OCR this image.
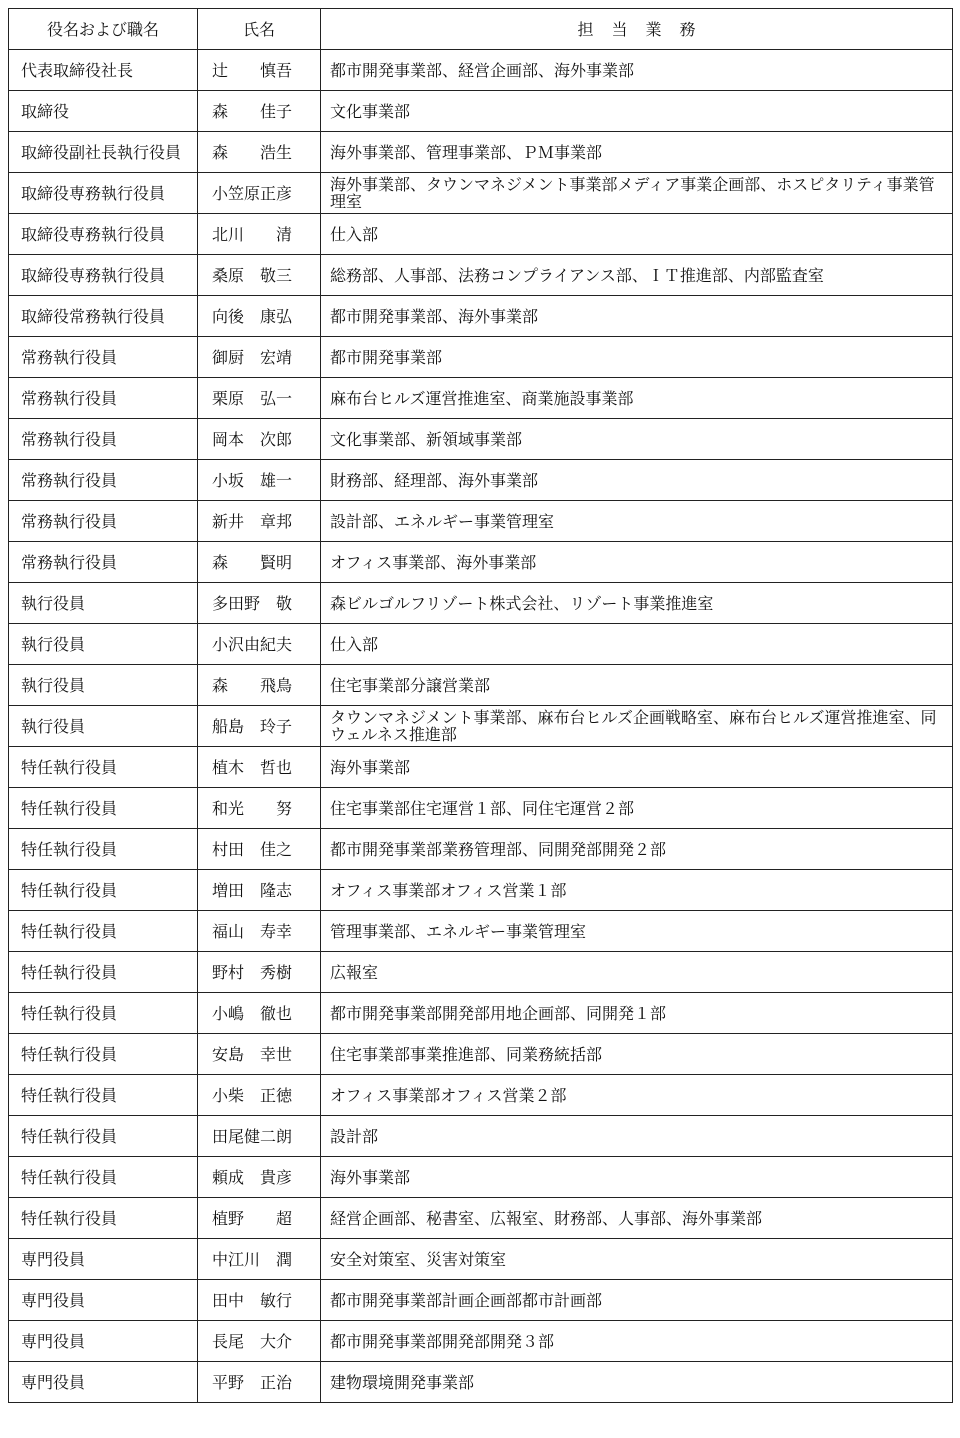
役名および職名	氏名	担当業務
代表取締役社長	辻　　慎吾	都市開発事業部、経営企画部、海外事業部
取締役	森　　佳子	文化事業部
取締役副社長執行役員	森　　浩生	海外事業部、管理事業部、ＰＭ事業部
取締役専務執行役員	小笠原正彦	海外事業部、タウンマネジメント事業部メディア事業企画部、ホスピタリティ事業管理室
取締役専務執行役員	北川　　清	仕入部
取締役専務執行役員	桑原　敬三	総務部、人事部、法務コンプライアンス部、ＩＴ推進部、内部監査室
取締役常務執行役員	向後　康弘	都市開発事業部、海外事業部
常務執行役員	御厨　宏靖	都市開発事業部
常務執行役員	栗原　弘一	麻布台ヒルズ運営推進室、商業施設事業部
常務執行役員	岡本　次郎	文化事業部、新領域事業部
常務執行役員	小坂　雄一	財務部、経理部、海外事業部
常務執行役員	新井　章邦	設計部、エネルギー事業管理室
常務執行役員	森　　賢明	オフィス事業部、海外事業部
執行役員	多田野　敬	森ビルゴルフリゾート株式会社、リゾート事業推進室
執行役員	小沢由紀夫	仕入部
執行役員	森　　飛鳥	住宅事業部分譲営業部
執行役員	船島　玲子	タウンマネジメント事業部、麻布台ヒルズ企画戦略室、麻布台ヒルズ運営推進室、同ウェルネス推進部
特任執行役員	植木　哲也	海外事業部
特任執行役員	和光　　努	住宅事業部住宅運営１部、同住宅運営２部
特任執行役員	村田　佳之	都市開発事業部業務管理部、同開発部開発２部
特任執行役員	増田　隆志	オフィス事業部オフィス営業１部
特任執行役員	福山　寿幸	管理事業部、エネルギー事業管理室
特任執行役員	野村　秀樹	広報室
特任執行役員	小嶋　徹也	都市開発事業部開発部用地企画部、同開発１部
特任執行役員	安島　幸世	住宅事業部事業推進部、同業務統括部
特任執行役員	小柴　正徳	オフィス事業部オフィス営業２部
特任執行役員	田尾健二朗	設計部
特任執行役員	頼成　貴彦	海外事業部
特任執行役員	植野　　超	経営企画部、秘書室、広報室、財務部、人事部、海外事業部
専門役員	中江川　潤	安全対策室、災害対策室
専門役員	田中　敏行	都市開発事業部計画企画部都市計画部
専門役員	長尾　大介	都市開発事業部開発部開発３部
専門役員	平野　正治	建物環境開発事業部
